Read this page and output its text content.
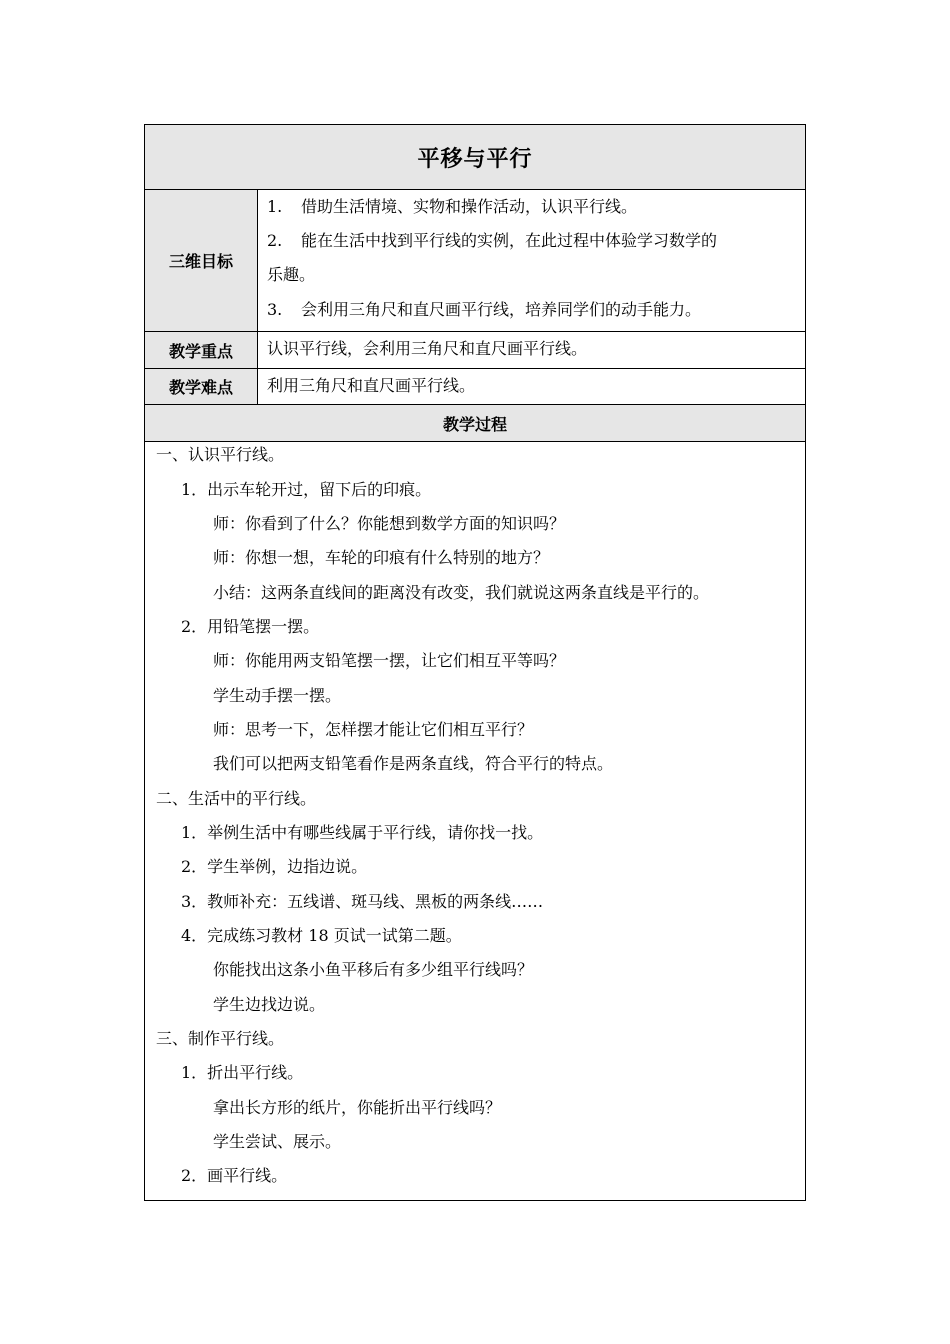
平移与平行
三维目标
1. 借助生活情境、实物和操作活动，认识平行线。
2. 能在生活中找到平行线的实例，在此过程中体验学习数学的
乐趣。
3. 会利用三角尺和直尺画平行线，培养同学们的动手能力。
教学重点	认识平行线，会利用三角尺和直尺画平行线。
教学难点	利用三角尺和直尺画平行线。
教学过程
一、认识平行线。
1．出示车轮开过，留下后的印痕。
师：你看到了什么？你能想到数学方面的知识吗？
师：你想一想，车轮的印痕有什么特别的地方？
小结：这两条直线间的距离没有改变，我们就说这两条直线是平行的。
2．用铅笔摆一摆。
师：你能用两支铅笔摆一摆，让它们相互平等吗？
学生动手摆一摆。
师：思考一下，怎样摆才能让它们相互平行？
我们可以把两支铅笔看作是两条直线，符合平行的特点。
二、生活中的平行线。
1．举例生活中有哪些线属于平行线，请你找一找。
2．学生举例，边指边说。
3．教师补充：五线谱、斑马线、黑板的两条线……
4．完成练习教材 18 页试一试第二题。
你能找出这条小鱼平移后有多少组平行线吗？
学生边找边说。
三、制作平行线。
1．折出平行线。
拿出长方形的纸片，你能折出平行线吗？
学生尝试、展示。
2．画平行线。
